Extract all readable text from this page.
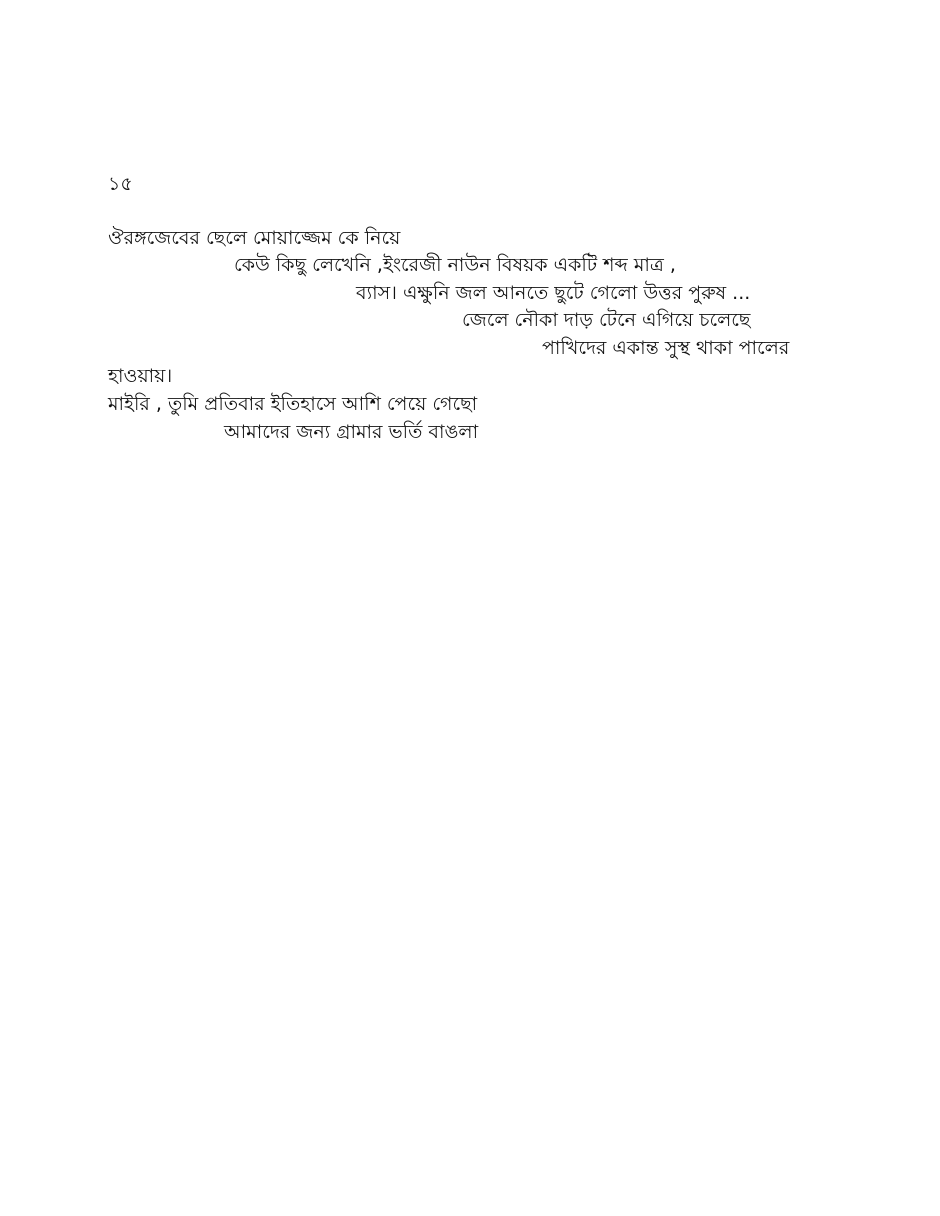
১৫
ঔরঙ্গজেবের ছেলে মোয়াজ্জেম কে নিয়ে
কেউ কিছু লেখেনি ,ইংরেজী নাউন বিষয়ক একটি শব্দ মাত্র ,
ব্যাস। এক্ষুনি জল আনতে ছুটে গেলো উত্তর পুরুষ ...
জেলে নৌকা দাড় টেনে এগিয়ে চলেছে
পাখিদের একান্ত সুস্থ থাকা পালের
হাওয়ায়।
মাইরি , তুমি প্রতিবার ইতিহাসে আশি পেয়ে গেছো
আমাদের জন্য গ্রামার ভর্তি বাঙলা
